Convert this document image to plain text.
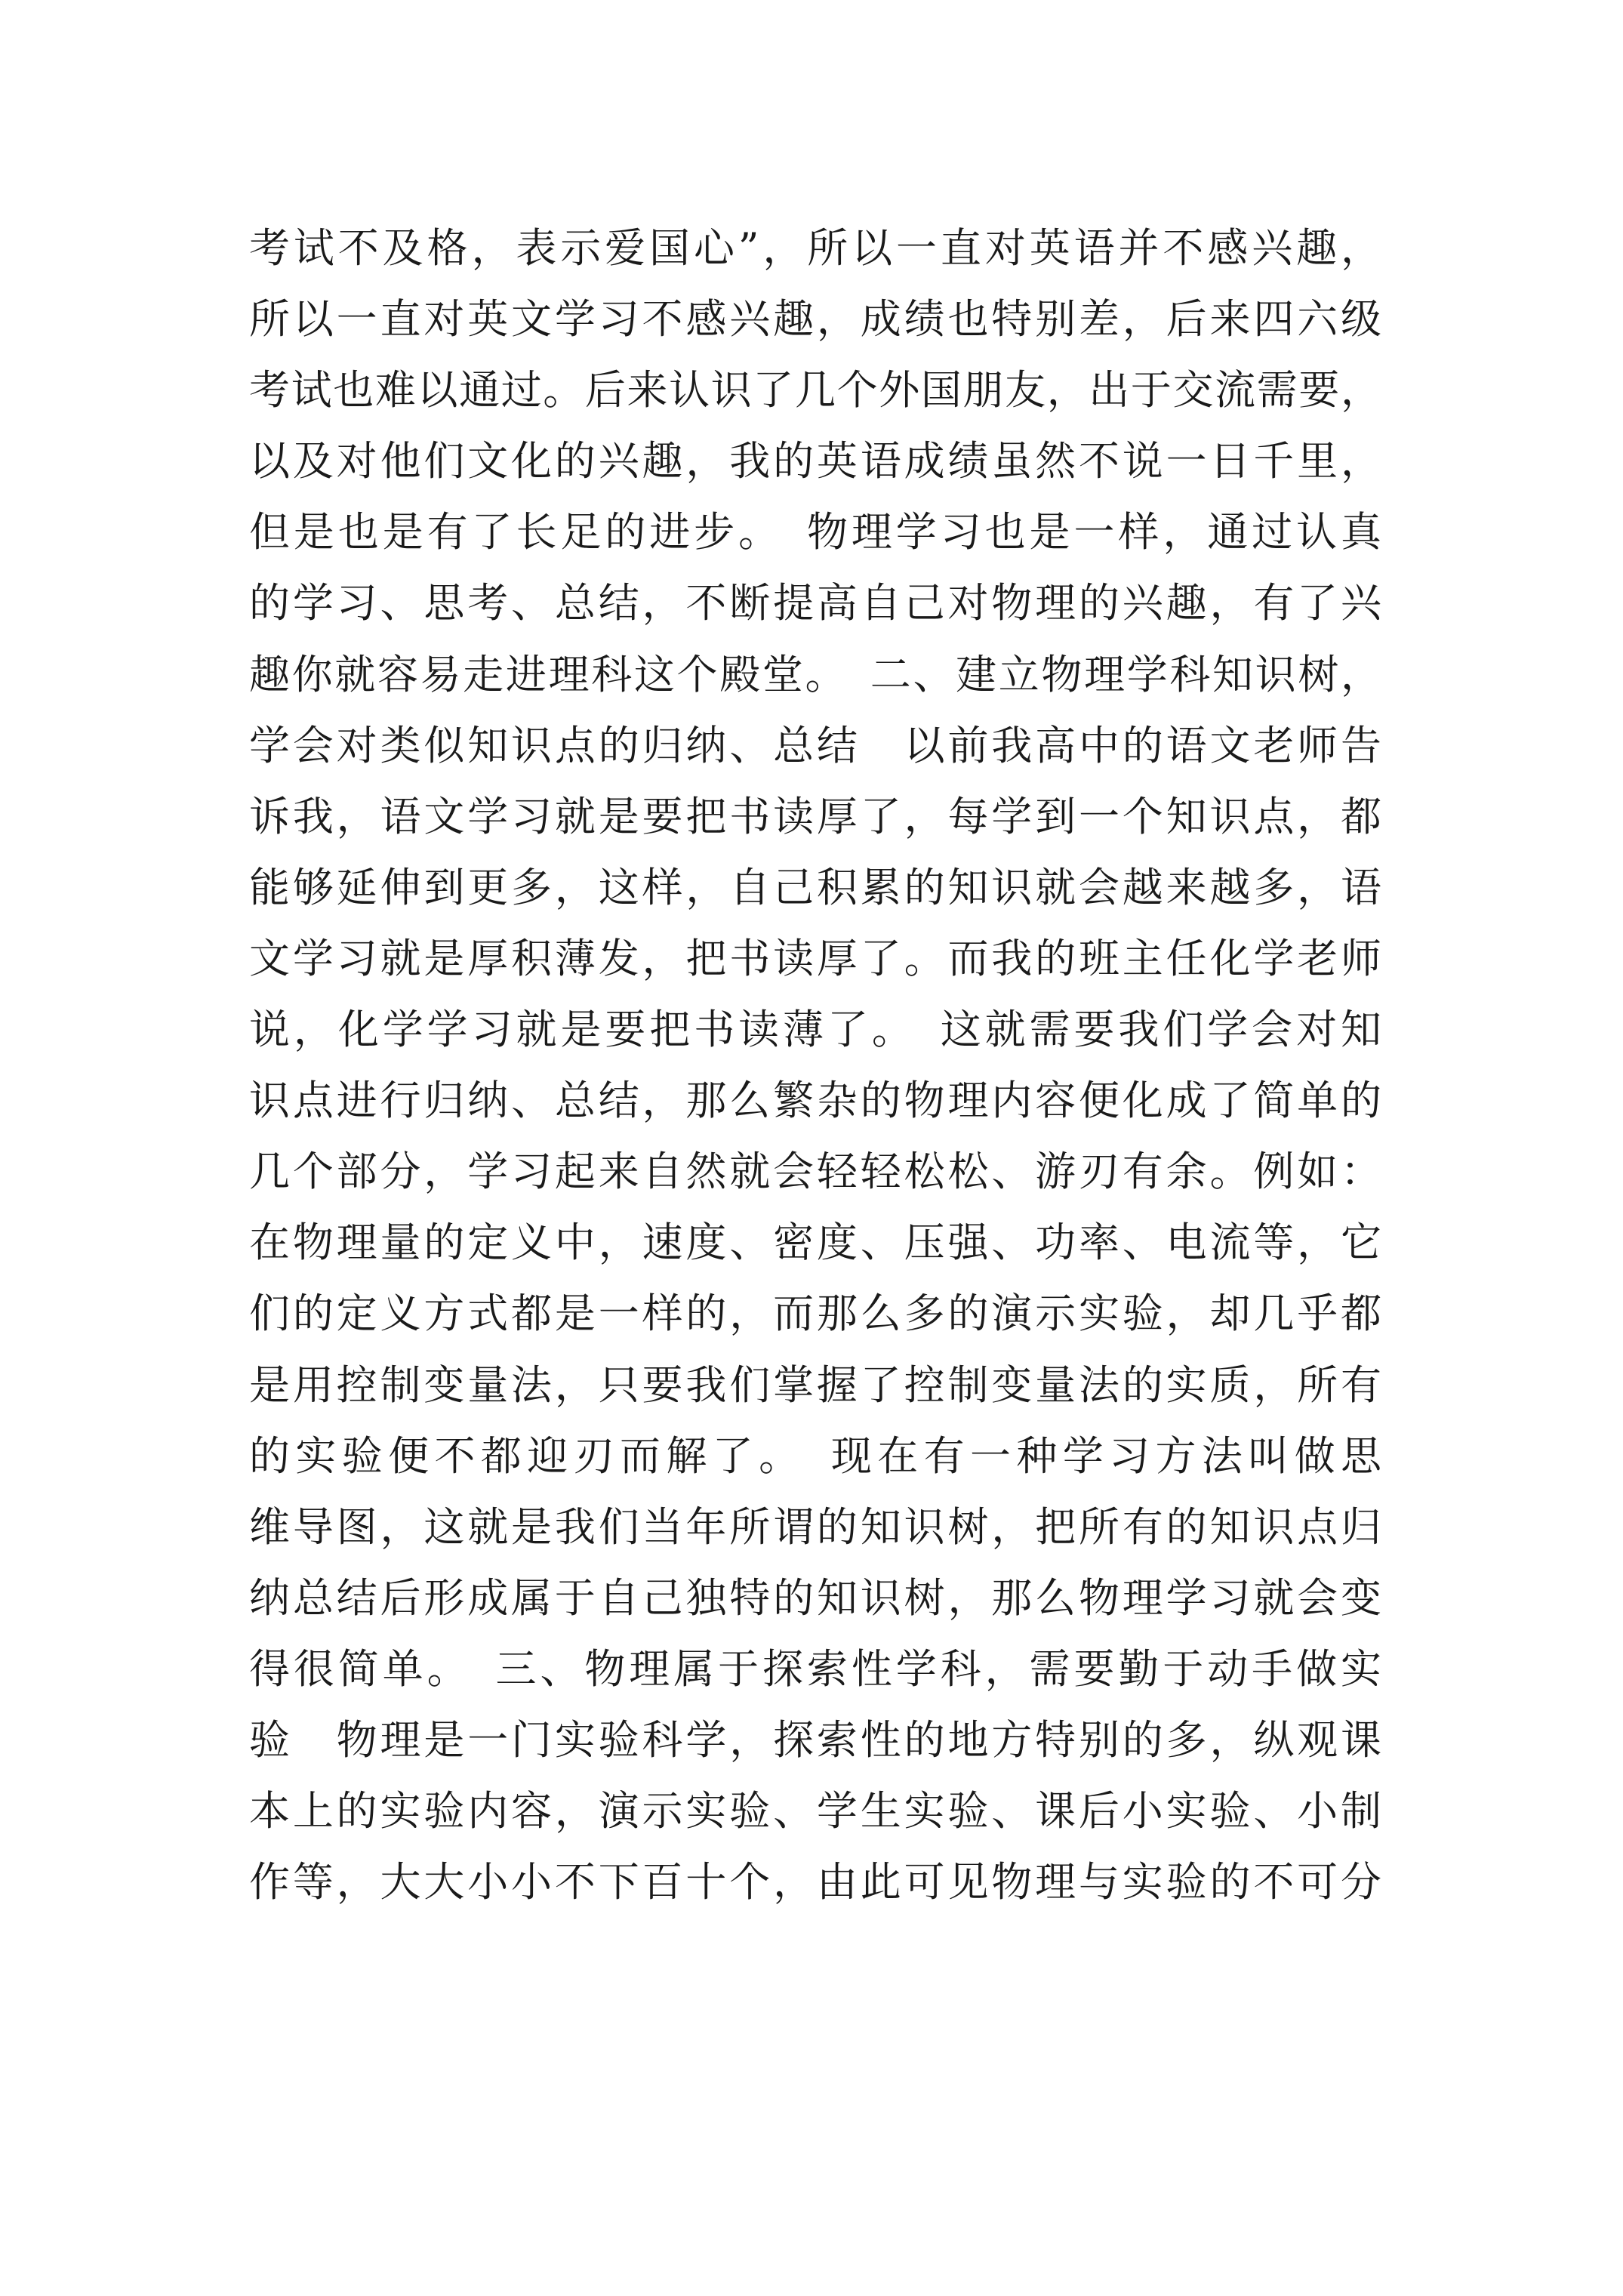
考试不及格，表示爱国心”，所以一直对英语并不感兴趣，
所以一直对英文学习不感兴趣，成绩也特别差，后来四六级
考试也难以通过。后来认识了几个外国朋友，出于交流需要，
以及对他们文化的兴趣，我的英语成绩虽然不说一日千里，
但是也是有了长足的进步。　物理学习也是一样，通过认真
的学习、思考、总结，不断提高自己对物理的兴趣，有了兴
趣你就容易走进理科这个殿堂。　二、建立物理学科知识树，
学会对类似知识点的归纳、总结　以前我高中的语文老师告
诉我，语文学习就是要把书读厚了，每学到一个知识点，都
能够延伸到更多，这样，自己积累的知识就会越来越多，语
文学习就是厚积薄发，把书读厚了。而我的班主任化学老师
说，化学学习就是要把书读薄了。　这就需要我们学会对知
识点进行归纳、总结，那么繁杂的物理内容便化成了简单的
几个部分，学习起来自然就会轻轻松松、游刃有余。例如：
在物理量的定义中，速度、密度、压强、功率、电流等，它
们的定义方式都是一样的，而那么多的演示实验，却几乎都
是用控制变量法，只要我们掌握了控制变量法的实质，所有
的实验便不都迎刃而解了。　现在有一种学习方法叫做思
维导图，这就是我们当年所谓的知识树，把所有的知识点归
纳总结后形成属于自己独特的知识树，那么物理学习就会变
得很简单。　三、物理属于探索性学科，需要勤于动手做实
验　物理是一门实验科学，探索性的地方特别的多，纵观课
本上的实验内容，演示实验、学生实验、课后小实验、小制
作等，大大小小不下百十个，由此可见物理与实验的不可分
